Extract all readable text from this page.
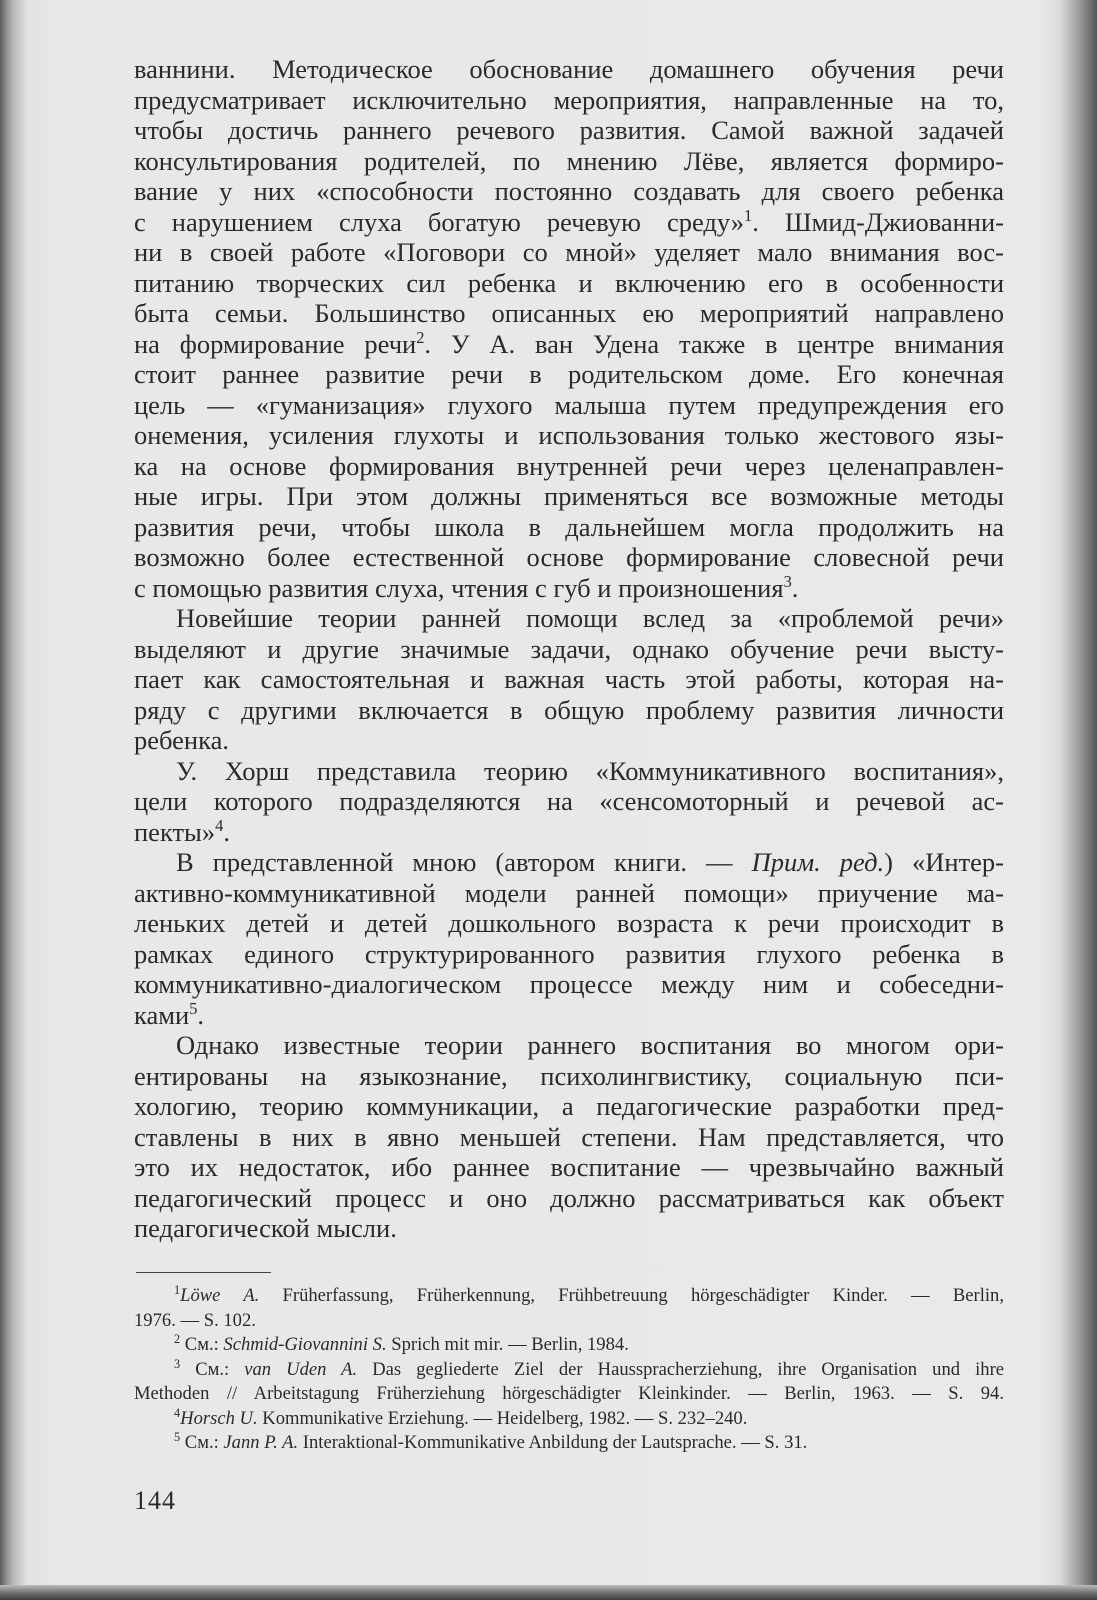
ваннини. Методическое обоснование домашнего обучения речи
предусматривает исключительно мероприятия, направленные на то,
чтобы достичь раннего речевого развития. Самой важной задачей
консультирования родителей, по мнению Лёве, является формиро-
вание у них «способности постоянно создавать для своего ребенка
с нарушением слуха богатую речевую среду»$^1$. Шмид-Джиованни-
ни в своей работе «Поговори со мной» уделяет мало внимания вос-
питанию творческих сил ребенка и включению его в особенности
быта семьи. Большинство описанных ею мероприятий направлено
на формирование речи$^2$. У А. ван Удена также в центре внимания
стоит раннее развитие речи в родительском доме. Его конечная
цель — «гуманизация» глухого малыша путем предупреждения его
онемения, усиления глухоты и использования только жестового язы-
ка на основе формирования внутренней речи через целенаправлен-
ные игры. При этом должны применяться все возможные методы
развития речи, чтобы школа в дальнейшем могла продолжить на
возможно более естественной основе формирование словесной речи
с помощью развития слуха, чтения с губ и произношения$^3$.
Новейшие теории ранней помощи вслед за «проблемой речи»
выделяют и другие значимые задачи, однако обучение речи высту-
пает как самостоятельная и важная часть этой работы, которая на-
ряду с другими включается в общую проблему развития личности
ребенка.
У. Хорш представила теорию «Коммуникативного воспитания»,
цели которого подразделяются на «сенсомоторный и речевой ас-
пекты»$^4$.
В представленной мною (автором книги. — Прим. ред.) «Интер-
активно-коммуникативной модели ранней помощи» приучение ма-
леньких детей и детей дошкольного возраста к речи происходит в
рамках единого структурированного развития глухого ребенка в
коммуникативно-диалогическом процессе между ним и собеседни-
ками$^5$.
Однако известные теории раннего воспитания во многом ори-
ентированы на языкознание, психолингвистику, социальную пси-
хологию, теорию коммуникации, а педагогические разработки пред-
ставлены в них в явно меньшей степени. Нам представляется, что
это их недостаток, ибо раннее воспитание — чрезвычайно важный
педагогический процесс и оно должно рассматриваться как объект
педагогической мысли.
$^1$Löwe A. Früherfassung, Früherkennung, Frühbetreuung hörgeschädigter Kinder. — Berlin,
1976. — S. 102.
$^2$ См.: Schmid-Giovannini S. Sprich mit mir. — Berlin, 1984.
$^3$ См.: van Uden A. Das gegliederte Ziel der Hausspracherziehung, ihre Organisation und ihre
Methoden // Arbeitstagung Früherziehung hörgeschädigter Kleinkinder. — Berlin, 1963. — S. 94.
$^4$Horsch U. Kommunikative Erziehung. — Heidelberg, 1982. — S. 232–240.
$^5$ См.: Jann P. A. Interaktional-Kommunikative Anbildung der Lautsprache. — S. 31.
144
